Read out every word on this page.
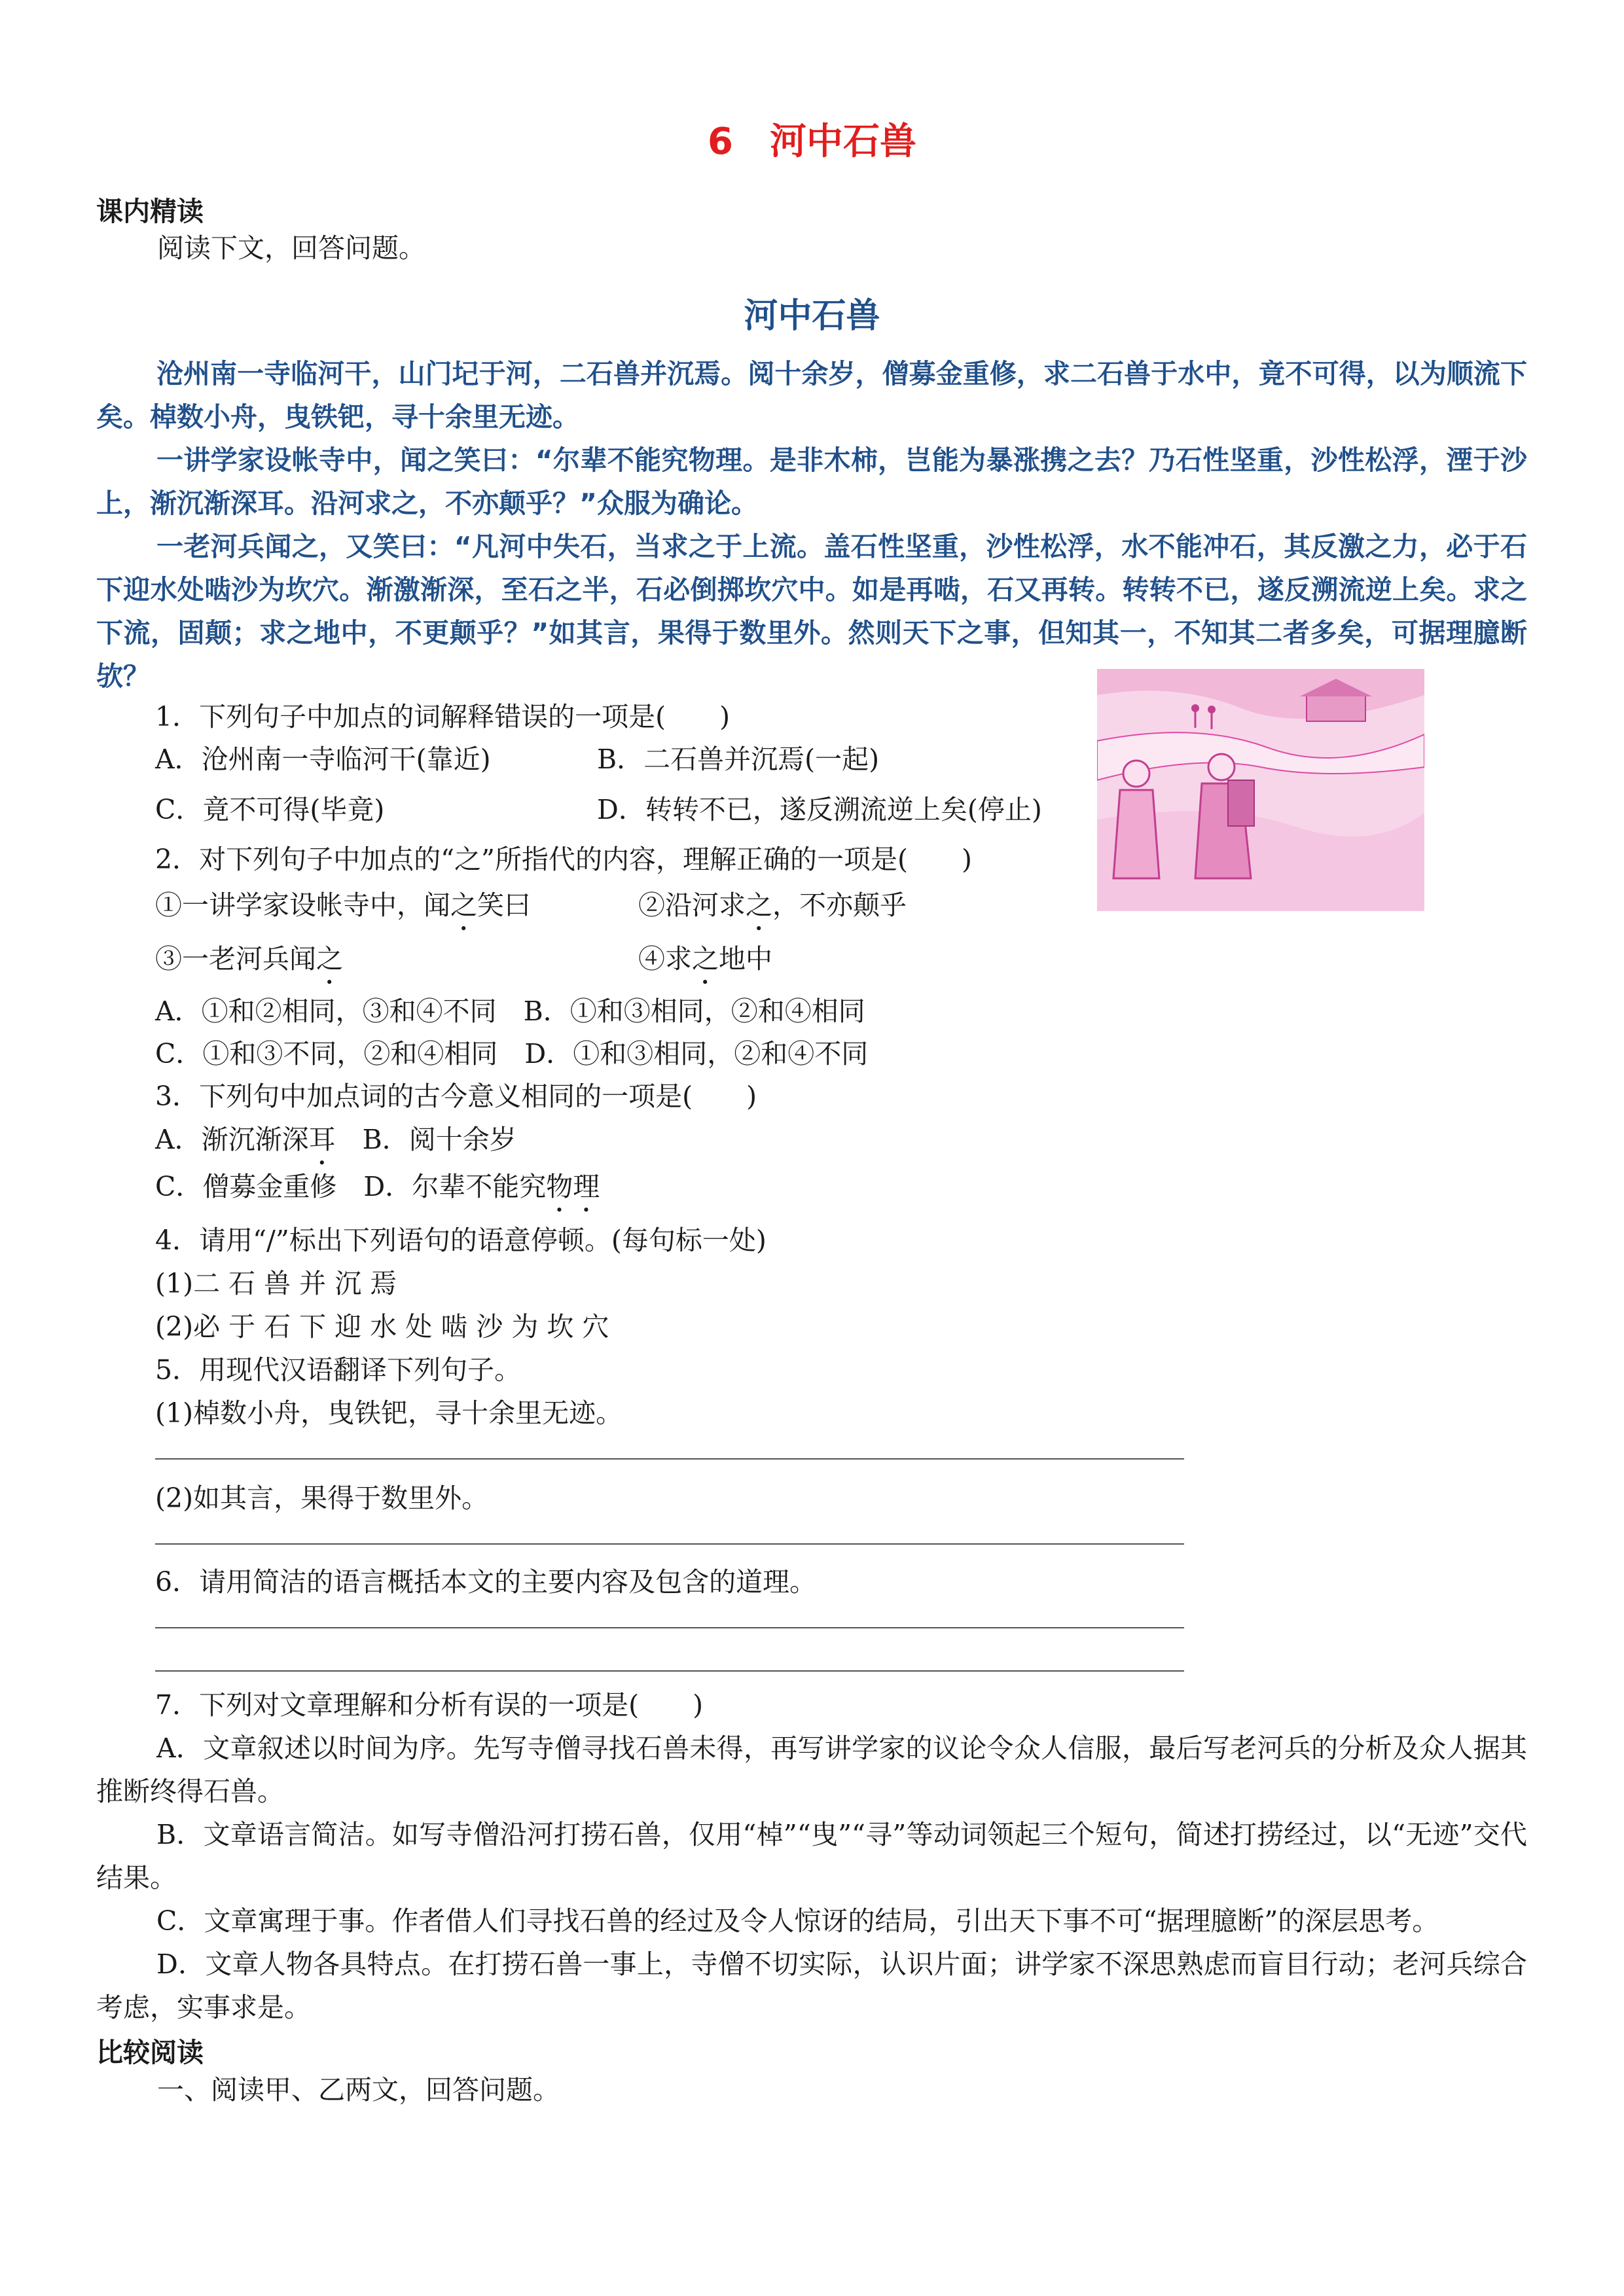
6　河中石兽
课内精读
阅读下文，回答问题。
河中石兽

沧州南一寺临河干，山门圮于河，二石兽并沉焉。阅十余岁，僧募金重修，求二石兽于水中，竟不可得，以为顺流下矣。棹数小舟，曳铁钯，寻十余里无迹。

一讲学家设帐寺中，闻之笑曰：“尔辈不能究物理。是非木柿，岂能为暴涨携之去？乃石性坚重，沙性松浮，湮于沙上，渐沉渐深耳。沿河求之，不亦颠乎？”众服为确论。

一老河兵闻之，又笑曰：“凡河中失石，当求之于上流。盖石性坚重，沙性松浮，水不能冲石，其反激之力，必于石下迎水处啮沙为坎穴。渐激渐深，至石之半，石必倒掷坎穴中。如是再啮，石又再转。转转不已，遂反溯流逆上矣。求之下流，固颠；求之地中，不更颠乎？”如其言，果得于数里外。然则天下之事，但知其一，不知其二者多矣，可据理臆断欤？

1．下列句子中加点的词解释错误的一项是(　　)
A．沧州南一寺临河干(靠近)	B．二石兽并沉焉(一起)
C．竟不可得(毕竟)	D．转转不已，遂反溯流逆上矣(停止)
2．对下列句子中加点的“之”所指代的内容，理解正确的一项是(　　)
①一讲学家设帐寺中，闻之笑曰	②沿河求之，不亦颠乎
③一老河兵闻之	④求之地中
A．①和②相同，③和④不同　B．①和③相同，②和④相同
C．①和③不同，②和④相同　D．①和③相同，②和④不同
3．下列句中加点词的古今意义相同的一项是(　　)
A．渐沉渐深耳　B．阅十余岁
C．僧募金重修　D．尔辈不能究物理
4．请用“/”标出下列语句的语意停顿。(每句标一处)
(1)二 石 兽 并 沉 焉
(2)必 于 石 下 迎 水 处 啮 沙 为 坎 穴
5．用现代汉语翻译下列句子。
(1)棹数小舟，曳铁钯，寻十余里无迹。
(2)如其言，果得于数里外。
6．请用简洁的语言概括本文的主要内容及包含的道理。
7．下列对文章理解和分析有误的一项是(　　)

A．文章叙述以时间为序。先写寺僧寻找石兽未得，再写讲学家的议论令众人信服，最后写老河兵的分析及众人据其推断终得石兽。

B．文章语言简洁。如写寺僧沿河打捞石兽，仅用“棹”“曳”“寻”等动词领起三个短句，简述打捞经过，以“无迹”交代结果。

C．文章寓理于事。作者借人们寻找石兽的经过及令人惊讶的结局，引出天下事不可“据理臆断”的深层思考。

D．文章人物各具特点。在打捞石兽一事上，寺僧不切实际，认识片面；讲学家不深思熟虑而盲目行动；老河兵综合考虑，实事求是。

比较阅读
一、阅读甲、乙两文，回答问题。
